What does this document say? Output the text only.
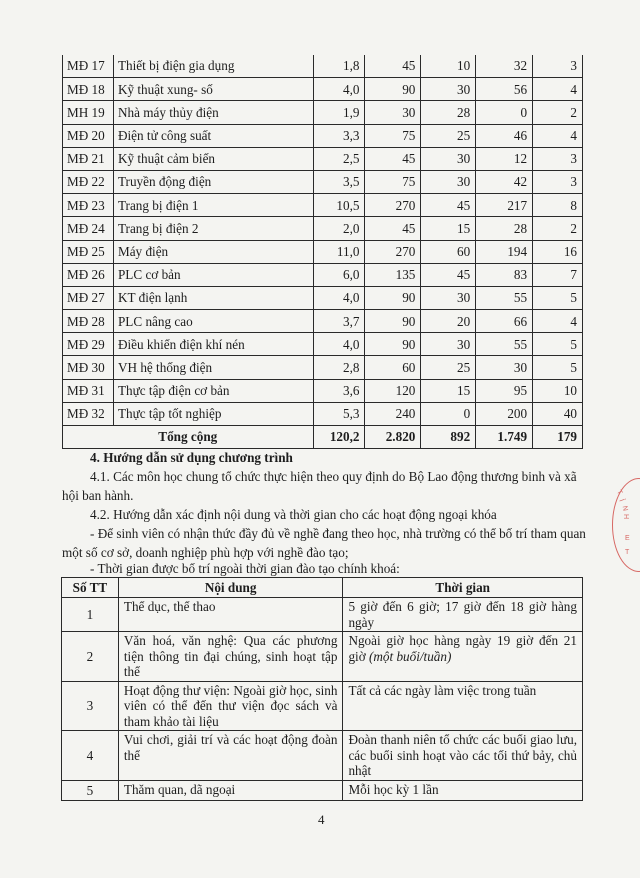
MĐ 17	Thiết bị điện gia dụng	1,8	45	10	32	3
MĐ 18	Kỹ thuật xung- số	4,0	90	30	56	4
MH 19	Nhà máy thủy điện	1,9	30	28	0	2
MĐ 20	Điện tử công suất	3,3	75	25	46	4
MĐ 21	Kỹ thuật cảm biến	2,5	45	30	12	3
MĐ 22	Truyền động điện	3,5	75	30	42	3
MĐ 23	Trang bị điện 1	10,5	270	45	217	8
MĐ 24	Trang bị điện 2	2,0	45	15	28	2
MĐ 25	Máy điện	11,0	270	60	194	16
MĐ 26	PLC cơ bản	6,0	135	45	83	7
MĐ 27	KT điện lạnh	4,0	90	30	55	5
MĐ 28	PLC nâng cao	3,7	90	20	66	4
MĐ 29	Điều khiển điện khí nén	4,0	90	30	55	5
MĐ 30	VH hệ thống điện	2,8	60	25	30	5
MĐ 31	Thực tập điện cơ bản	3,6	120	15	95	10
MĐ 32	Thực tập tốt nghiệp	5,3	240	0	200	40
Tổng cộng		120,2	2.820	892	1.749	179

4. Hướng dẫn sử dụng chương trình

4.1. Các môn học chung tổ chức thực hiện theo quy định do Bộ Lao động thương binh và xã hội ban hành.

4.2. Hướng dẫn xác định nội dung và thời gian cho các hoạt động ngoại khóa

- Để sinh viên có nhận thức đầy đủ về nghề đang theo học, nhà trường có thể bố trí tham quan một số cơ sở, doanh nghiệp phù hợp với nghề đào tạo;

- Thời gian được bố trí ngoài thời gian đào tạo chính khoá:

Số TT	Nội dung	Thời gian
1	Thể dục, thể thao	5 giờ đến 6 giờ; 17 giờ đến 18 giờ hàng ngày
2	Văn hoá, văn nghệ: Qua các phương tiện thông tin đại chúng, sinh hoạt tập thể	Ngoài giờ học hàng ngày 19 giờ đến 21 giờ (một buổi/tuần)
3	Hoạt động thư viện: Ngoài giờ học, sinh viên có thể đến thư viện đọc sách và tham khảo tài liệu	Tất cả các ngày làm việc trong tuần
4	Vui chơi, giải trí và các hoạt động đoàn thể	Đoàn thanh niên tổ chức các buổi giao lưu, các buổi sinh hoạt vào các tối thứ bảy, chủ nhật
5	Thăm quan, dã ngoại	Mỗi học kỳ 1 lần
4
T
Ỉ
N
H
E
T
